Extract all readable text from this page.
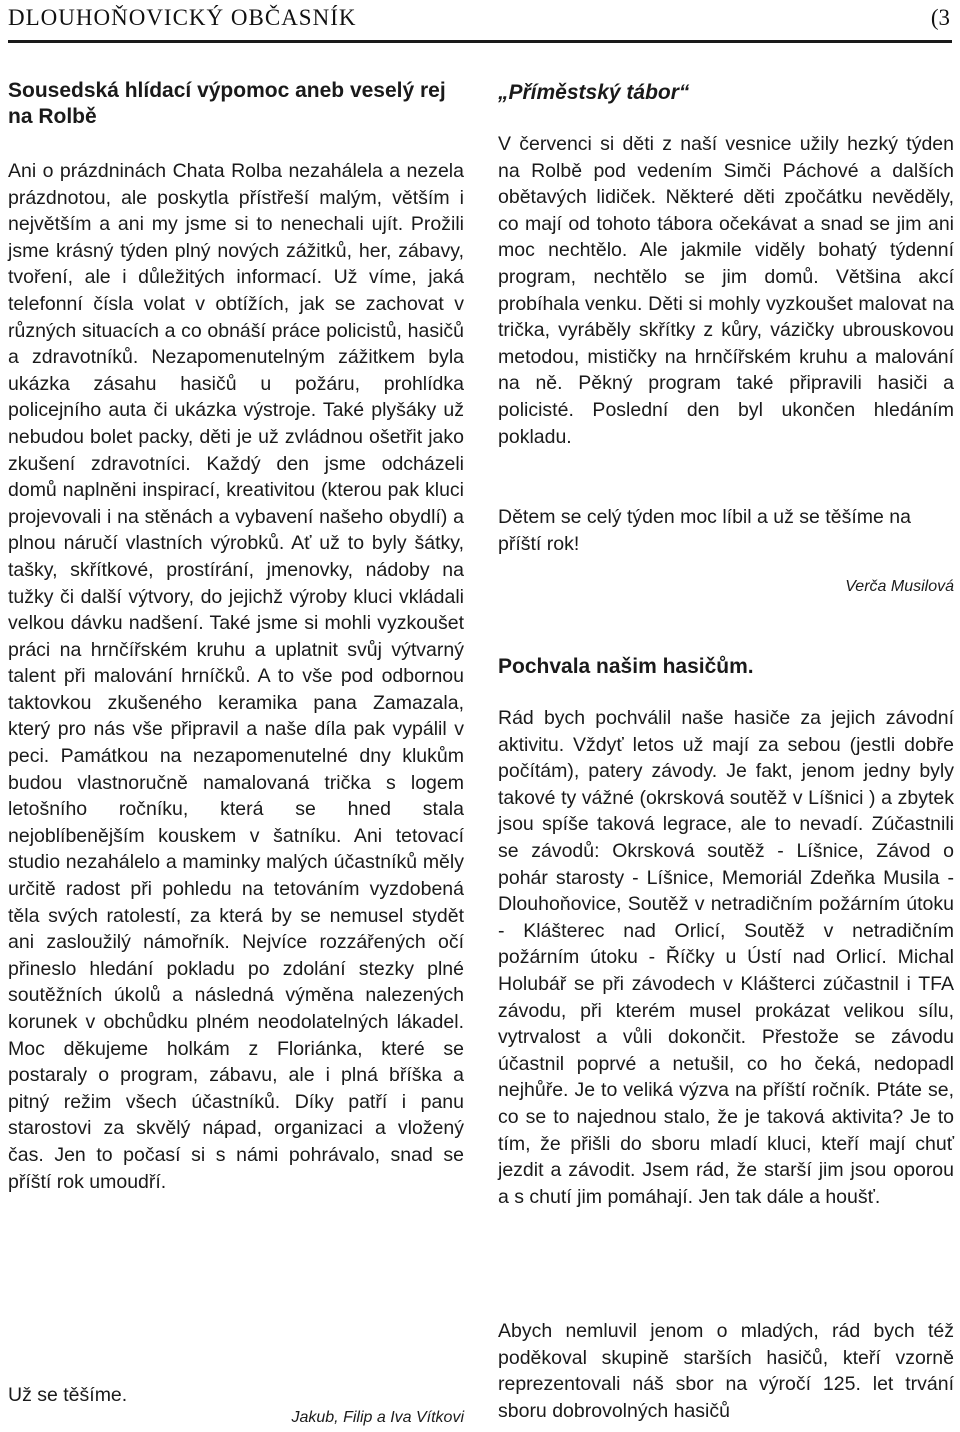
DLOUHOŇOVICKÝ OBČASNÍK	(3
Sousedská hlídací výpomoc aneb veselý rej na Rolbě

Ani o prázdninách Chata Rolba nezahálela a nezela prázdnotou, ale poskytla přístřeší malým, větším i největším a ani my jsme si to nenechali ujít. Prožili jsme krásný týden plný nových zážitků, her, zábavy, tvoření, ale i důležitých informací. Už víme, jaká telefonní čísla volat v obtížích, jak se zachovat v různých situacích a co obnáší práce policistů, hasičů a zdravotníků. Nezapomenutelným zážitkem byla ukázka zásahu hasičů u požáru, prohlídka policejního auta či ukázka výstroje. Také plyšáky už nebudou bolet packy, děti je už zvládnou ošetřit jako zkušení zdravotníci. Každý den jsme odcházeli domů naplněni inspirací, kreativitou (kterou pak kluci projevovali i na stěnách a vybavení našeho obydlí) a plnou náručí vlastních výrobků. Ať už to byly šátky, tašky, skřítkové, prostírání, jmenovky, nádoby na tužky či další výtvory, do jejichž výroby kluci vkládali velkou dávku nadšení. Také jsme si mohli vyzkoušet práci na hrnčířském kruhu a uplatnit svůj výtvarný talent při malování hrníčků. A to vše pod odbornou taktovkou zkušeného keramika pana Zamazala, který pro nás vše připravil a naše díla pak vypálil v peci. Památkou na nezapomenutelné dny klukům budou vlastnoručně namalovaná trička s logem letošního ročníku, která se hned stala nejoblíbenějším kouskem v šatníku. Ani tetovací studio nezahálelo a maminky malých účastníků měly určitě radost při pohledu na tetováním vyzdobená těla svých ratolestí, za která by se nemusel stydět ani zasloužilý námořník. Nejvíce rozzářených očí přineslo hledání pokladu po zdolání stezky plné soutěžních úkolů a následná výměna nalezených korunek v obchůdku plném neodolatelných lákadel. Moc děkujeme holkám z Floriánka, které se postaraly o program, zábavu, ale i plná bříška a pitný režim všech účastníků. Díky patří i panu starostovi za skvělý nápad, organizaci a vložený čas. Jen to počasí si s námi pohrávalo, snad se příští rok umoudří.

Už se těšíme.

Jakub, Filip a Iva Vítkovi

„Příměstský tábor“

V červenci si děti z naší vesnice užily hezký týden na Rolbě pod vedením Simči Páchové a dalších obětavých lidiček. Některé děti zpočátku nevěděly, co mají od tohoto tábora očekávat a snad se jim ani moc nechtělo. Ale jakmile viděly bohatý týdenní program, nechtělo se jim domů. Většina akcí probíhala venku. Děti si mohly vyzkoušet malovat na trička, vyráběly skřítky z kůry, vázičky ubrouskovou metodou, mističky na hrnčířském kruhu a malování na ně. Pěkný program také připravili hasiči a policisté. Poslední den byl ukončen hledáním pokladu.

Dětem se celý týden moc líbil a už se těšíme na příští rok!

Verča Musilová

Pochvala našim hasičům.

Rád bych pochválil naše hasiče za jejich závodní aktivitu. Vždyť letos už mají za sebou (jestli dobře počítám), patery závody. Je fakt, jenom jedny byly takové ty vážné (okrsková soutěž v Líšnici ) a zbytek jsou spíše taková legrace, ale to nevadí. Zúčastnili se závodů: Okrsková soutěž - Líšnice, Závod o pohár starosty - Líšnice, Memoriál Zdeňka Musila - Dlouhoňovice, Soutěž v netradičním požárním útoku - Klášterec nad Orlicí, Soutěž v netradičním požárním útoku - Říčky u Ústí nad Orlicí. Michal Holubář se při závodech v Klášterci zúčastnil i TFA závodu, při kterém musel prokázat velikou sílu, vytrvalost a vůli dokončit. Přestože se závodu účastnil poprvé a netušil, co ho čeká, nedopadl nejhůře. Je to veliká výzva na příští ročník. Ptáte se, co se to najednou stalo, že je taková aktivita? Je to tím, že přišli do sboru mladí kluci, kteří mají chuť jezdit a závodit. Jsem rád, že starší jim jsou oporou a s chutí jim pomáhají. Jen tak dále a houšť.

Abych nemluvil jenom o mladých, rád bych též poděkoval skupině starších hasičů, kteří vzorně reprezentovali náš sbor na výročí 125. let trvání sboru dobrovolných hasičů
